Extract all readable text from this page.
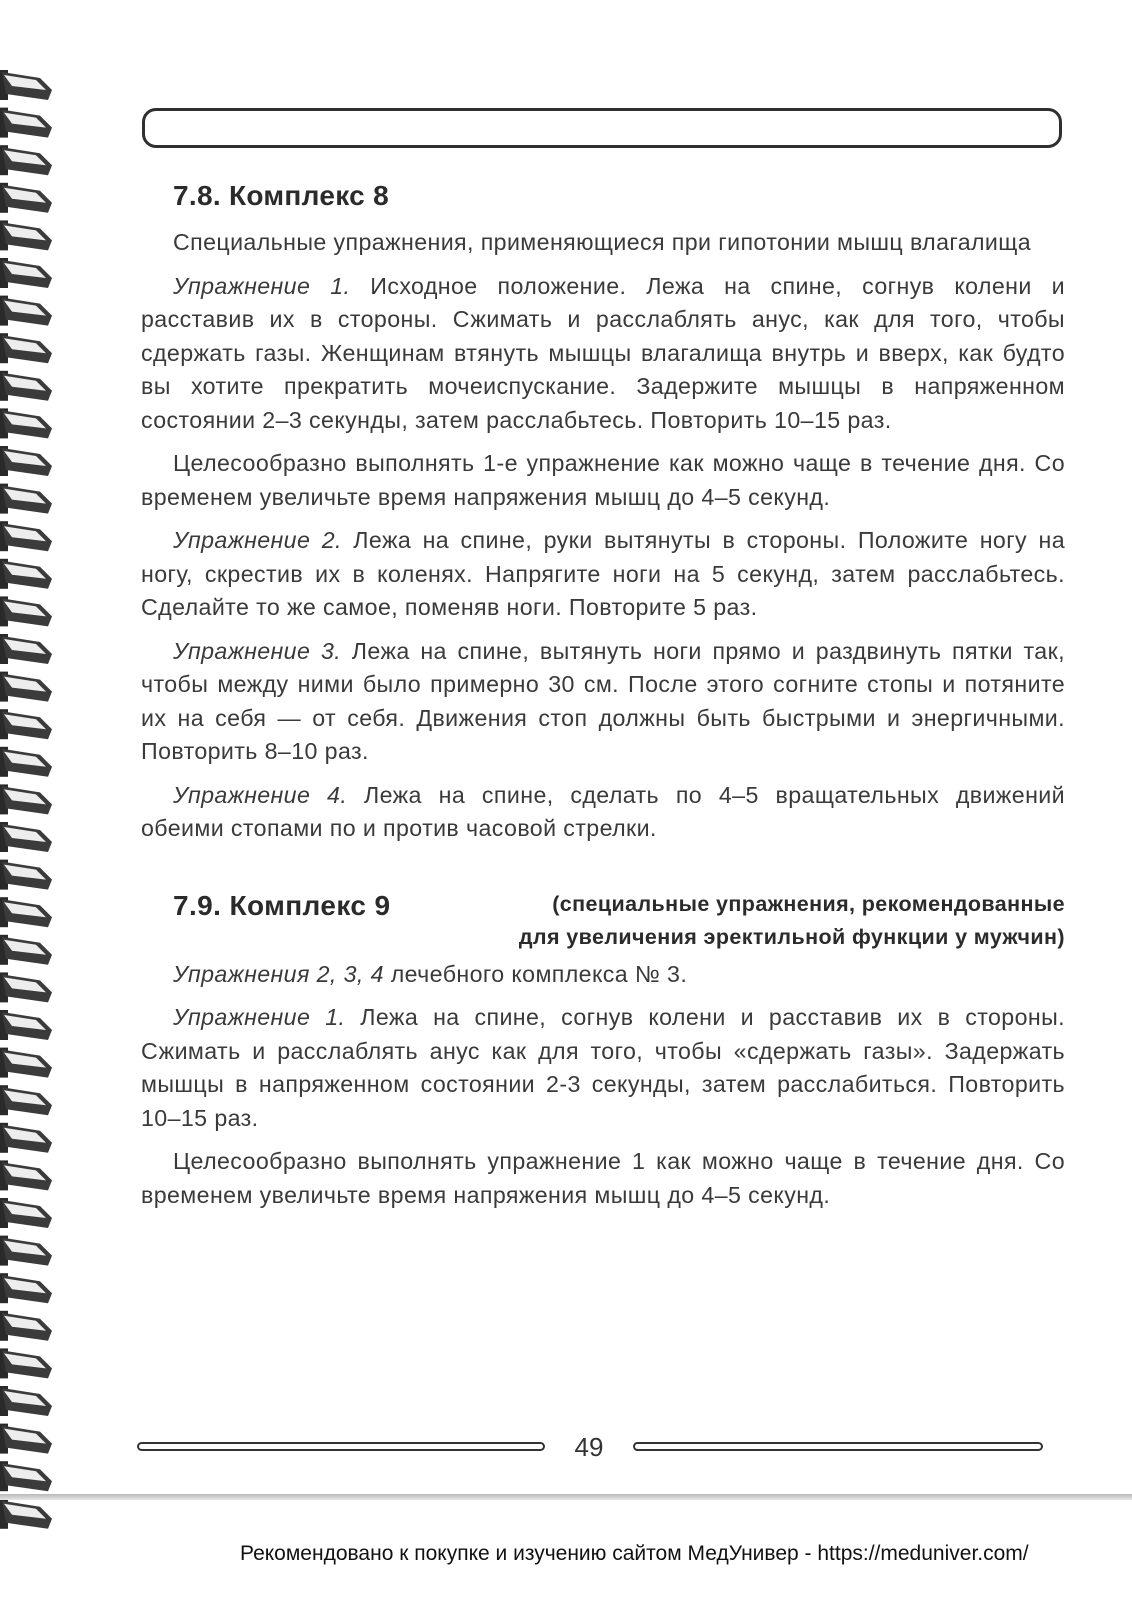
7.8. Комплекс 8

Специальные упражнения, применяющиеся при гипотонии мышц влагалища

Упражнение 1. Исходное положение. Лежа на спине, согнув колени и расставив их в стороны. Сжимать и расслаблять анус, как для того, чтобы сдержать газы. Женщинам втянуть мышцы влагалища внутрь и вверх, как будто вы хотите прекратить мочеиспускание. Задержите мышцы в напряженном состоянии 2–3 секунды, затем расслабьтесь. Повторить 10–15 раз.

Целесообразно выполнять 1-е упражнение как можно чаще в течение дня. Со временем увеличьте время напряжения мышц до 4–5 секунд.

Упражнение 2. Лежа на спине, руки вытянуты в стороны. Положите ногу на ногу, скрестив их в коленях. Напрягите ноги на 5 секунд, затем расслабьтесь. Сделайте то же самое, поменяв ноги. Повторите 5 раз.

Упражнение 3. Лежа на спине, вытянуть ноги прямо и раздвинуть пятки так, чтобы между ними было примерно 30 см. После этого согните стопы и потяните их на себя — от себя. Движения стоп должны быть быстрыми и энергичными. Повторить 8–10 раз.

Упражнение 4. Лежа на спине, сделать по 4–5 вращательных движений обеими стопами по и против часовой стрелки.

7.9. Комплекс 9	(специальные упражнения, рекомендованные
для увеличения эректильной функции у мужчин)

Упражнения 2, 3, 4 лечебного комплекса № 3.

Упражнение 1. Лежа на спине, согнув колени и расставив их в стороны. Сжимать и расслаблять анус как для того, чтобы «сдержать газы». Задержать мышцы в напряженном состоянии 2-3 секунды, затем расслабиться. Повторить 10–15 раз.

Целесообразно выполнять упражнение 1 как можно чаще в течение дня. Со временем увеличьте время напряжения мышц до 4–5 секунд.

49
Рекомендовано к покупке и изучению сайтом МедУнивер - https://meduniver.com/
